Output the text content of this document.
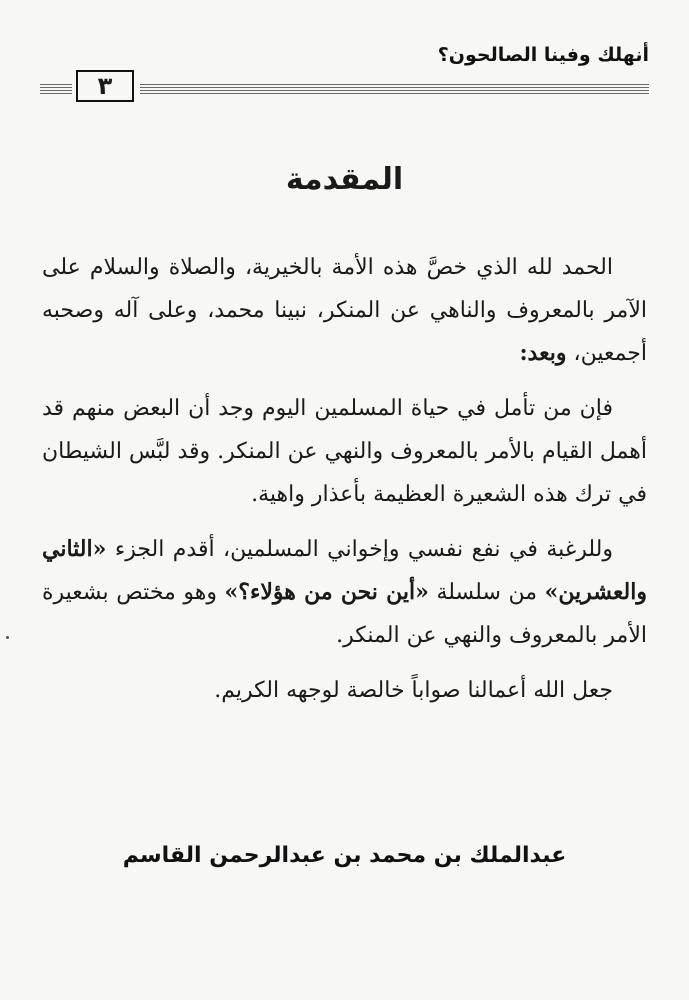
أنهلك وفينا الصالحون؟
٣
المقدمة

الحمد لله الذي خصَّ هذه الأمة بالخيرية، والصلاة والسلام على الآمر بالمعروف والناهي عن المنكر، نبينا محمد، وعلى آله وصحبه أجمعين، وبعد:

فإن من تأمل في حياة المسلمين اليوم وجد أن البعض منهم قد أهمل القيام بالأمر بالمعروف والنهي عن المنكر. وقد لبَّس الشيطان في ترك هذه الشعيرة العظيمة بأعذار واهية.

وللرغبة في نفع نفسي وإخواني المسلمين، أقدم الجزء «الثاني والعشرين» من سلسلة «أين نحن من هؤلاء؟» وهو مختص بشعيرة الأمر بالمعروف والنهي عن المنكر.

جعل الله أعمالنا صواباً خالصة لوجهه الكريم.

عبدالملك بن محمد بن عبدالرحمن القاسم
